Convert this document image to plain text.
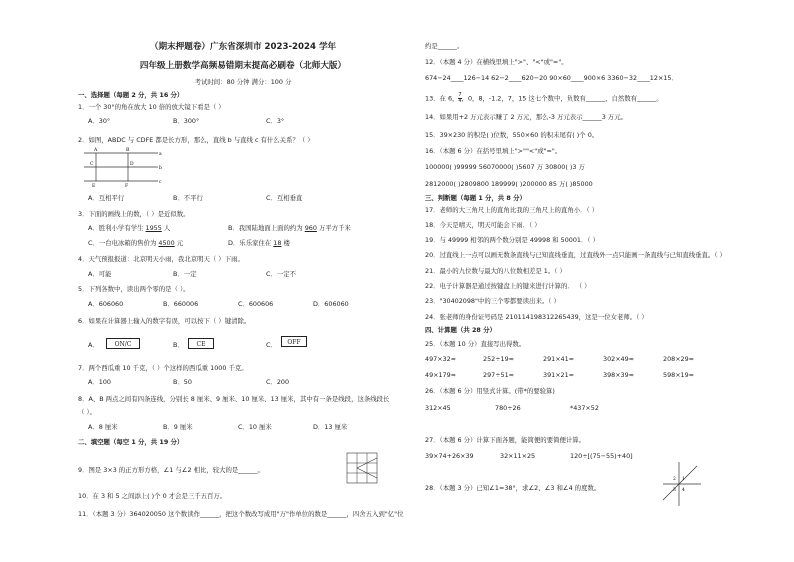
（期末押题卷）广东省深圳市 2023-2024 学年
四年级上册数学高频易错期末提高必刷卷（北师大版）
考试时间：80 分钟 满分：100 分
一、选择题（每题 2 分，共 16 分）
1．一个 30°的角在放大 10 倍的放大镜下看是（ ）
A．30°	B．300°	C．3°
2．如图，ABDC 与 CDFE 都是长方形，那么，直线 b 与直线 c 有什么关系？（ ）
A	B
a
C	D
b
E	F
c
A．互相平行	B．不平行	C．互相垂直
3．下面的画线上的数，（ ）是近似数。
A．胜利小学有学生 1955 人	B．我国陆地面上面的约为 960 万平方千米
C．一台电冰箱的售价为 4500 元	D．乐乐家住在 18 楼
4．天气预报报道：北京明天小雨，我北京明天（ ）下雨。
A．可能	B．一定	C．一定不
5．下列各数中，读出两个零的是（ ）。
A．606060	B．660006	C．600606	D．606060
6．如果在计算器上输入的数字有误，可以按下（ ）键清除。
A．	ON/C	B．	CE	C．	OFF
7．两个西瓜重 10 千克，（ ）个这样的西瓜重 1000 千克。
A．100	B．50	C．200
8．A、B 两点之间有四条连线，分别长 8 厘米、9 厘米、10 厘米、13 厘米，其中有一条是线段，这条线段长
（ ）。
A．8 厘米	B．9 厘米	C．10 厘米	D．13 厘米
二、填空题（每空 1 分，共 19 分）
9．图是 3×3 的正方形方格，∠1 与∠2 相比，较大的是______。
10．在 3 和 5 之间添上( )个 0 才会是三千五百万。
11．（本题 3 分）364020050 这个数读作______，把这个数改写成用"万"作单位的数是______，四舍五入到"亿"位
约是______。
12．（本题 4 分）在横线里填上">"、"<"或"="。
674−24____126−14 62−2____620−20 90×60____900×6 3360−32____12×15．
13．在 6， $\frac{7}{4}$ ，0，8，-1.2，7，15 这七个数中，负数有______，自然数有______。
14．如果用+2 万元表示赚了 2 万元，那么-3 万元表示______3 万元。
15．39×230 的积是( )位数，550×60 的积末尾有( )个 0。
16．（本题 6 分）在括号里填上">""<"或"="。
100000( )99999 56070000( )5607 万 30800( )3 万
2812000( )2809800 189999( )200000 85 万( )85000
三、判断题（每题 1 分，共 8 分）
17．老师的大三角尺上的直角比我的三角尺上的直角小．（ ）
18．今天是晴天，明天可能会下雨．（ ）
19．与 49999 相邻的两个数分别是 49998 和 50001．（ ）
20．过直线上一点可以画无数条直线与已知直线垂直，过直线外一点只能画一条直线与已知直线垂直。（ ）
21．最小的九位数与最大的八位数相差是 1。（ ）
22．电子计算器是通过按键盘上的键来进行计算的． （ ）
23．"30402098"中的三个零都要读出来。（ ）
24．张老师的身份证号码是 210114198312265439，这是一位女老师。（ ）
四、计算题（共 28 分）
25．（本题 10 分）直接写出得数。
497×32≈	252÷19≈	291×41≈	302×49≈	208×29≈
49×179≈	297÷51≈	391×21≈	398×39≈	598×19≈
26．（本题 6 分）用竖式计算。(带*的要验算)
312×45	780÷26	*437×52
27．（本题 6 分）计算下面各题，能简便的要简便计算。
39×74+26×39	32×11×25	120÷[(75−55)+40]
28．（本题 3 分）已知∠1=38°，求∠2、∠3 和∠4 的度数。
1
2
3 4
